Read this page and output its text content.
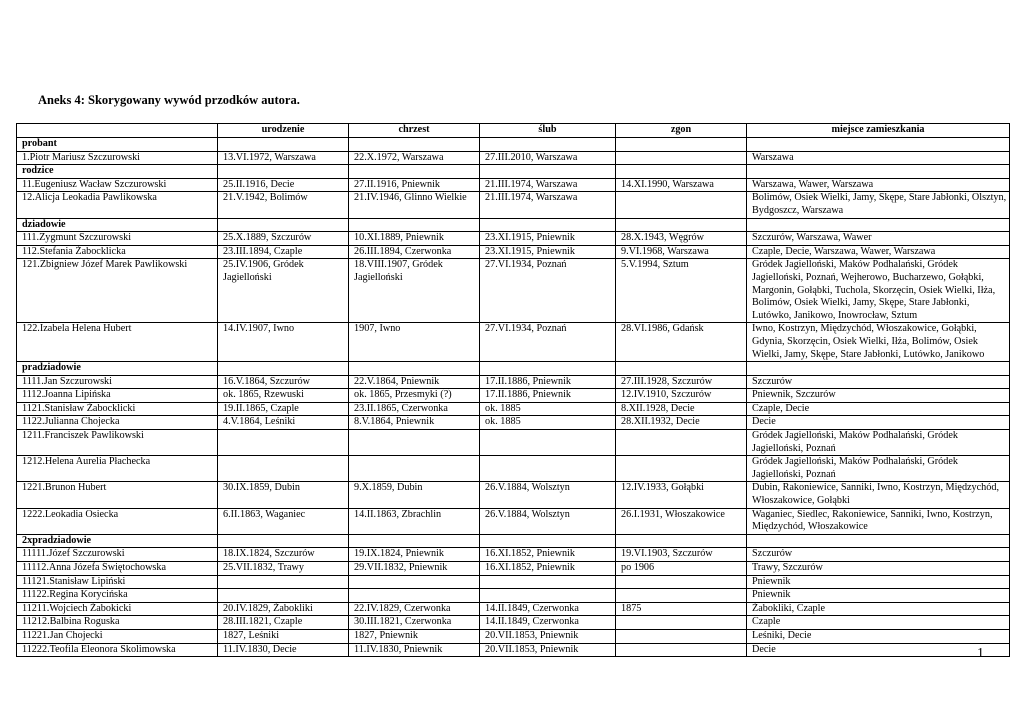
Aneks 4: Skorygowany wywód przodków autora.
	urodzenie	chrzest	ślub	zgon	miejsce zamieszkania
probant					
1.Piotr Mariusz Szczurowski	13.VI.1972, Warszawa	22.X.1972, Warszawa	27.III.2010, Warszawa		Warszawa
rodzice					
11.Eugeniusz Wacław Szczurowski	25.II.1916, Decie	27.II.1916, Pniewnik	21.III.1974, Warszawa	14.XI.1990, Warszawa	Warszawa, Wawer, Warszawa
12.Alicja Leokadia Pawlikowska	21.V.1942, Bolimów	21.IV.1946, Glinno Wielkie	21.III.1974, Warszawa		Bolimów, Osiek Wielki, Jamy, Skępe, Stare Jabłonki, Olsztyn, Bydgoszcz, Warszawa
dziadowie					
111.Zygmunt Szczurowski	25.X.1889, Szczurów	10.XI.1889, Pniewnik	23.XI.1915, Pniewnik	28.X.1943, Węgrów	Szczurów, Warszawa, Wawer
112.Stefania Żabocklicka	23.III.1894, Czaple	26.III.1894, Czerwonka	23.XI.1915, Pniewnik	9.VI.1968, Warszawa	Czaple, Decie, Warszawa, Wawer, Warszawa
121.Zbigniew Józef Marek Pawlikowski	25.IV.1906, Gródek Jagielloński	18.VIII.1907, Gródek Jagielloński	27.VI.1934, Poznań	5.V.1994, Sztum	Gródek Jagielloński, Maków Podhalański, Gródek Jagielloński, Poznań, Wejherowo, Bucharzewo, Gołąbki, Margonin, Gołąbki, Tuchola, Skorzęcin, Osiek Wielki, Iłża, Bolimów, Osiek Wielki, Jamy, Skępe, Stare Jabłonki, Lutówko, Janikowo, Inowrocław, Sztum
122.Izabela Helena Hubert	14.IV.1907, Iwno	1907, Iwno	27.VI.1934, Poznań	28.VI.1986, Gdańsk	Iwno, Kostrzyn, Międzychód, Włoszakowice, Gołąbki, Gdynia, Skorzęcin, Osiek Wielki, Iłża, Bolimów, Osiek Wielki, Jamy, Skępe, Stare Jabłonki, Lutówko, Janikowo
pradziadowie					
1111.Jan Szczurowski	16.V.1864, Szczurów	22.V.1864, Pniewnik	17.II.1886, Pniewnik	27.III.1928, Szczurów	Szczurów
1112.Joanna Lipińska	ok. 1865, Rzewuski	ok. 1865, Przesmyki (?)	17.II.1886, Pniewnik	12.IV.1910, Szczurów	Pniewnik, Szczurów
1121.Stanisław Żabocklicki	19.II.1865, Czaple	23.II.1865, Czerwonka	ok. 1885	8.XII.1928, Decie	Czaple, Decie
1122.Julianna Chojecka	4.V.1864, Leśniki	8.V.1864, Pniewnik	ok. 1885	28.XII.1932, Decie	Decie
1211.Franciszek Pawlikowski					Gródek Jagielloński, Maków Podhalański, Gródek Jagielloński, Poznań
1212.Helena Aurelia Płachecka					Gródek Jagielloński, Maków Podhalański, Gródek Jagielloński, Poznań
1221.Brunon Hubert	30.IX.1859, Dubin	9.X.1859, Dubin	26.V.1884, Wolsztyn	12.IV.1933, Gołąbki	Dubin, Rakoniewice, Sanniki, Iwno, Kostrzyn, Międzychód, Włoszakowice, Gołąbki
1222.Leokadia Osiecka	6.II.1863, Waganiec	14.II.1863, Zbrachlin	26.V.1884, Wolsztyn	26.I.1931, Włoszakowice	Waganiec, Siedlec, Rakoniewice, Sanniki, Iwno, Kostrzyn, Międzychód, Włoszakowice
2xpradziadowie					
11111.Józef Szczurowski	18.IX.1824, Szczurów	19.IX.1824, Pniewnik	16.XI.1852, Pniewnik	19.VI.1903, Szczurów	Szczurów
11112.Anna Józefa Świętochowska	25.VII.1832, Trawy	29.VII.1832, Pniewnik	16.XI.1852, Pniewnik	po 1906	Trawy, Szczurów
11121.Stanisław Lipiński					Pniewnik
11122.Regina Korycińska					Pniewnik
11211.Wojciech Żabokicki	20.IV.1829, Żabokliki	22.IV.1829, Czerwonka	14.II.1849, Czerwonka	1875	Żabokliki, Czaple
11212.Balbina Roguska	28.III.1821, Czaple	30.III.1821, Czerwonka	14.II.1849, Czerwonka		Czaple
11221.Jan Chojecki	1827, Leśniki	1827, Pniewnik	20.VII.1853, Pniewnik		Leśniki, Decie
11222.Teofila Eleonora Skolimowska	11.IV.1830, Decie	11.IV.1830, Pniewnik	20.VII.1853, Pniewnik		Decie	1
